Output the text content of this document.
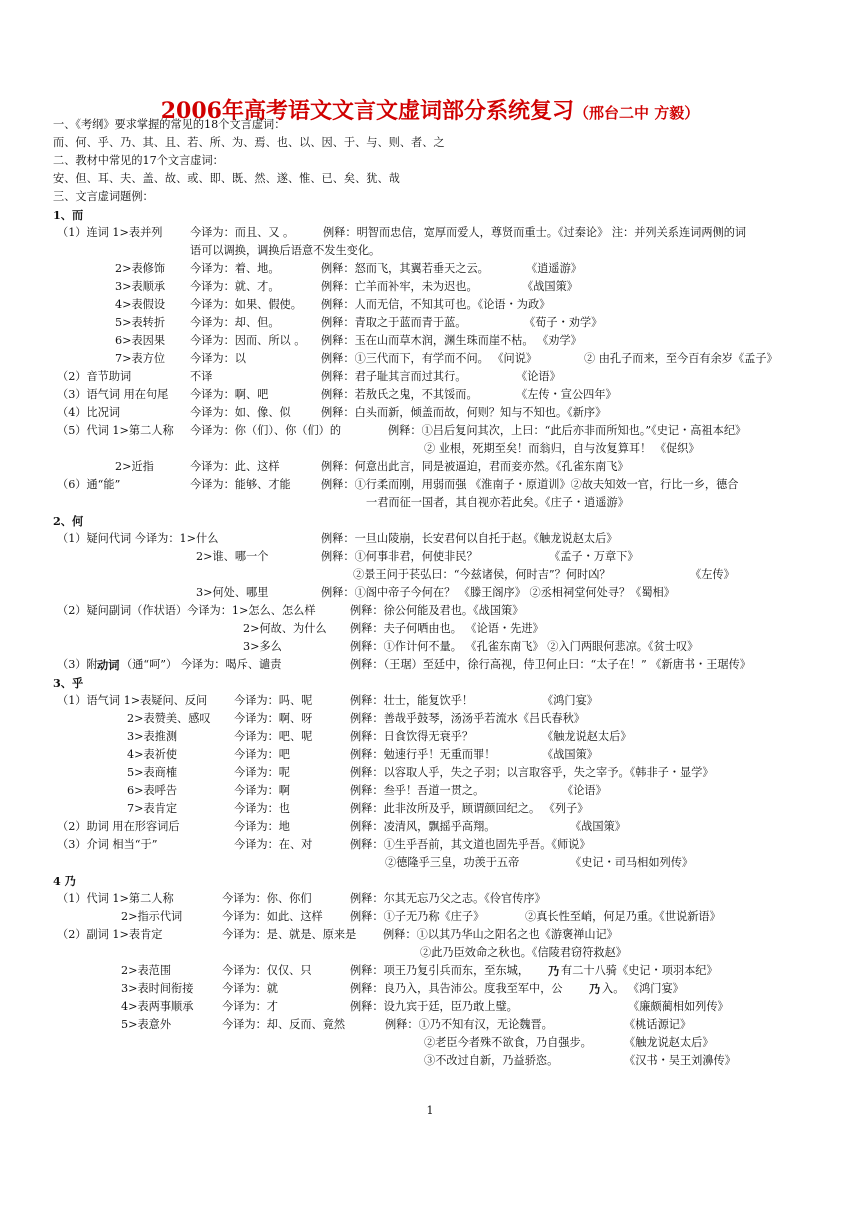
2006年高考语文文言文虚词部分系统复习（邢台二中 方毅）
一、《考纲》要求掌握的常见的18个文言虚词：
而、何、乎、乃、其、且、若、所、为、焉、也、以、因、于、与、则、者、之
二、教材中常见的17个文言虚词：
安、但、耳、夫、盖、故、或、即、既、然、遂、惟、已、矣、犹、哉
三、文言虚词题例：
1、而
（1）连词 1>表并列 今译为：而且、又 。	例释：明智而忠信，宽厚而爱人，尊贤而重士。《过秦论》 注：并列关系连词两侧的词
语可以调换，调换后语意不发生变化。
2>表修饰 今译为：着、地。	例释：怒而飞，其翼若垂天之云。	《逍遥游》
3>表顺承 今译为：就、才。	例释：亡羊而补牢，未为迟也。	《战国策》
4>表假设 今译为：如果、假使。 例释：人而无信，不知其可也。《论语・为政》
5>表转折 今译为：却、但。	例释：青取之于蓝而青于蓝。	《荀子・劝学》
6>表因果 今译为：因而、所以 。 例释：玉在山而草木润，渊生珠而崖不枯。 《劝学》
7>表方位 今译为：以	例释：①三代而下，有学而不问。 《问说》	② 由孔子而来，至今百有余岁《孟子》
（2）音节助词	不译	例释：君子耻其言而过其行。	《论语》
（3）语气词 用在句尾 今译为：啊、吧	例释：若敖氏之鬼，不其馁而。	《左传・宣公四年》
（4）比况词	今译为：如、像、似	例释：白头而新，倾盖而故，何则？知与不知也。《新序》
（5）代词 1>第二人称 今译为：你（们）、你（们）的	例释：①吕后复问其次，上曰：“此后亦非而所知也。”《史记・高祖本纪》
② 业根，死期至矣！而翁归，自与汝复算耳！ 《促织》
2>近指	今译为：此、这样	例释：何意出此言，同是被逼迫，君而妾亦然。《孔雀东南飞》
（6）通“能”	今译为：能够、才能	例释：①行柔而刚，用弱而强 《淮南子・原道训》②故夫知效一官，行比一乡，德合
一君而征一国者，其自视亦若此矣。《庄子・逍遥游》
2、何
（1）疑问代词 今译为：1>什么	例释：一旦山陵崩，长安君何以自托于赵。《触龙说赵太后》
2>谁、哪一个	例释：①何事非君，何使非民？	《孟子・万章下》
②景王问于苌弘曰：“今兹诸侯，何时吉”？何时凶？	《左传》
3>何处、哪里	例释：①阁中帝子今何在？ 《滕王阁序》 ②丞相祠堂何处寻？《蜀相》
（2）疑问副词（作状语）今译为：1>怎么、怎么样	例释：徐公何能及君也。《战国策》
2>何故、为什么 例释：夫子何哂由也。 《论语・先进》
3>多么	例释：①作计何不量。 《孔雀东南飞》 ②入门两眼何悲凉。《贫士叹》
（3）附 动词 （通“呵”） 今译为：喝斥、谴责	例释：（王琚）至廷中，徐行高视，侍卫何止曰：“太子在！” 《新唐书・王琚传》
3、乎
（1）语气词 1>表疑问、反问 今译为：吗、呢	例释：壮士，能复饮乎！	《鸿门宴》
2>表赞美、感叹 今译为：啊、呀	例释：善哉乎鼓琴，汤汤乎若流水《吕氏春秋》
3>表推测	今译为：吧、呢	例释：日食饮得无衰乎？	《触龙说赵太后》
4>表祈使	今译为：吧	例释：勉速行乎！无重而罪！	《战国策》
5>表商榷	今译为：呢	例释：以容取人乎，失之子羽；以言取容乎，失之宰予。《韩非子・显学》
6>表呼告	今译为：啊	例释：叁乎！吾道一贯之。	《论语》
7>表肯定	今译为：也	例释：此非汝所及乎，顾谓颜回纪之。 《列子》
（2）助词 用在形容词后	今译为：地	例释：凌清风，飘摇乎高翔。	《战国策》
（3）介词 相当“于”	今译为：在、对	例释：①生乎吾前，其文道也固先乎吾。《师说》
②德隆乎三皇，功羡于五帝	《史记・司马相如列传》
4 乃
（1）代词 1>第二人称	今译为：你、你们	例释：尔其无忘乃父之志。《伶官传序》
2>指示代词	今译为：如此、这样 例释：①子无乃称《庄子》	②真长性至峭，何足乃重。《世说新语》
（2）副词 1>表肯定	今译为：是、就是、原来是 例释：①以其乃华山之阳名之也《游褒禅山记》
②此乃臣效命之秋也。《信陵君窃符救赵》
2>表范围	今译为：仅仅、只	例释：项王乃复引兵而东，至东城， 乃 有二十八骑《史记・项羽本纪》
3>表时间衔接	今译为：就	例释：良乃入，具告沛公。度我至军中，公 乃 入。 《鸿门宴》
4>表两事顺承	今译为：才	例释：设九宾于廷，臣乃敢上璧。	《廉颇蔺相如列传》
5>表意外	今译为：却、反而、竟然	例释：①乃不知有汉，无论魏晋。	《桃话源记》
②老臣今者殊不欲食，乃自强步。	《触龙说赵太后》
③不改过自新，乃益骄恣。	《汉书・吴王刘濞传》
1
